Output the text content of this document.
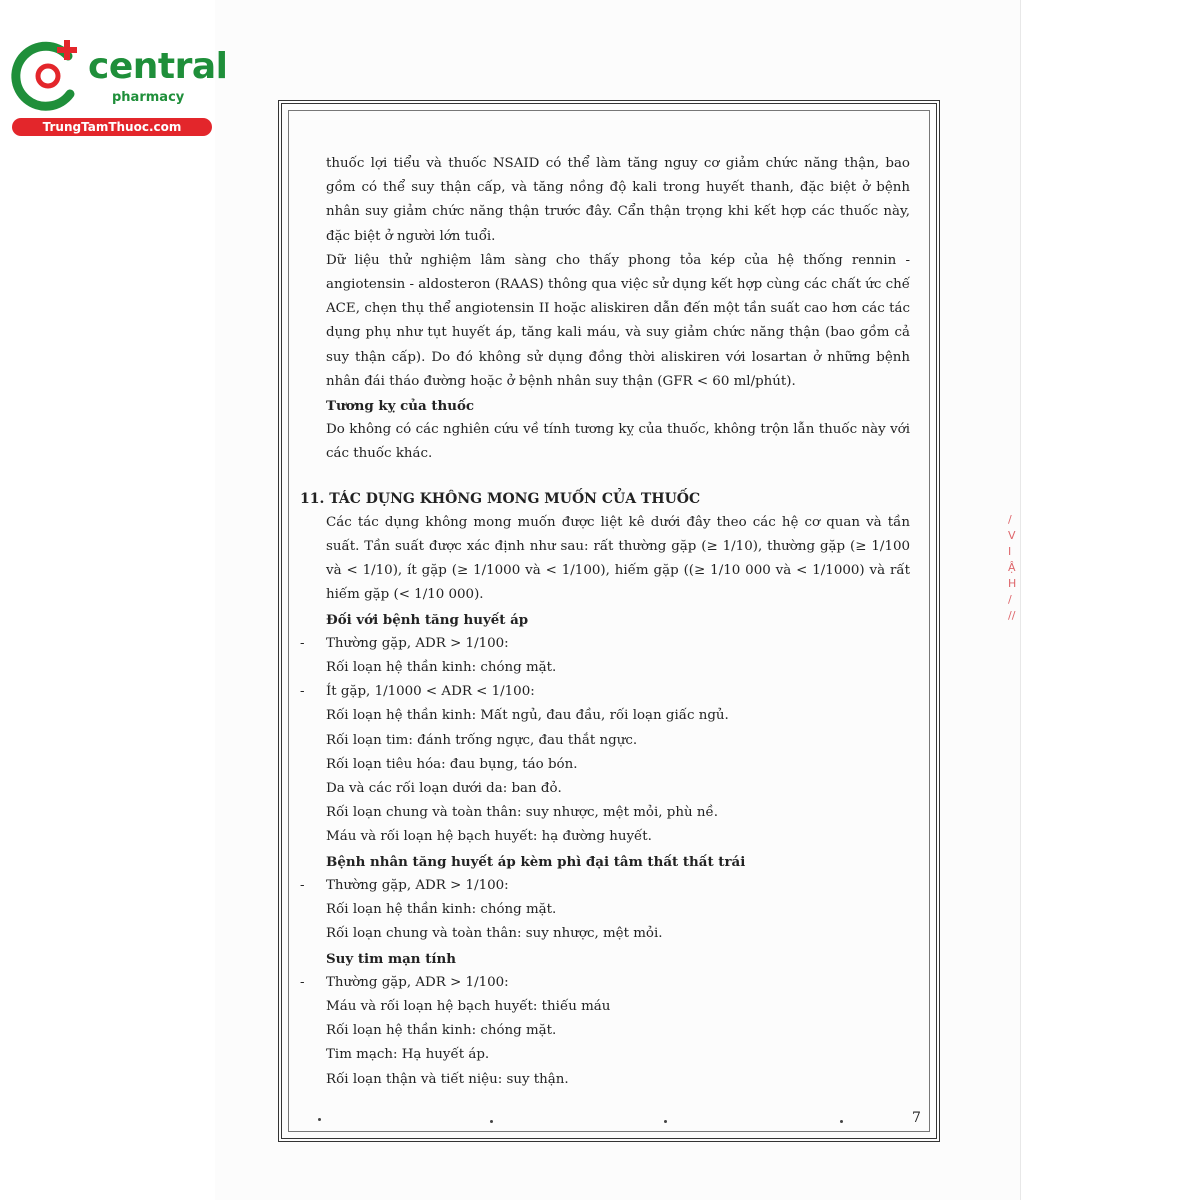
central
pharmacy
TrungTamThuoc.com

thuốc lợi tiểu và thuốc NSAID có thể làm tăng nguy cơ giảm chức năng thận, bao gồm có thể suy thận cấp, và tăng nồng độ kali trong huyết thanh, đặc biệt ở bệnh nhân suy giảm chức năng thận trước đây. Cẩn thận trọng khi kết hợp các thuốc này, đặc biệt ở người lớn tuổi.

Dữ liệu thử nghiệm lâm sàng cho thấy phong tỏa kép của hệ thống rennin - angiotensin - aldosteron (RAAS) thông qua việc sử dụng kết hợp cùng các chất ức chế ACE, chẹn thụ thể angiotensin II hoặc aliskiren dẫn đến một tần suất cao hơn các tác dụng phụ như tụt huyết áp, tăng kali máu, và suy giảm chức năng thận (bao gồm cả suy thận cấp). Do đó không sử dụng đồng thời aliskiren với losartan ở những bệnh nhân đái tháo đường hoặc ở bệnh nhân suy thận (GFR < 60 ml/phút).

Tương kỵ của thuốc

Do không có các nghiên cứu về tính tương kỵ của thuốc, không trộn lẫn thuốc này với các thuốc khác.

11. TÁC DỤNG KHÔNG MONG MUỐN CỦA THUỐC

Các tác dụng không mong muốn được liệt kê dưới đây theo các hệ cơ quan và tần suất. Tần suất được xác định như sau: rất thường gặp (≥ 1/10), thường gặp (≥ 1/100 và < 1/10), ít gặp (≥ 1/1000 và < 1/100), hiếm gặp ((≥ 1/10 000 và < 1/1000) và rất hiếm gặp (< 1/10 000).

Đối với bệnh tăng huyết áp

- Thường gặp, ADR > 1/100:

Rối loạn hệ thần kinh: chóng mặt.

- Ít gặp, 1/1000 < ADR < 1/100:

Rối loạn hệ thần kinh: Mất ngủ, đau đầu, rối loạn giấc ngủ.

Rối loạn tim: đánh trống ngực, đau thắt ngực.

Rối loạn tiêu hóa: đau bụng, táo bón.

Da và các rối loạn dưới da: ban đỏ.

Rối loạn chung và toàn thân: suy nhược, mệt mỏi, phù nề.

Máu và rối loạn hệ bạch huyết: hạ đường huyết.

Bệnh nhân tăng huyết áp kèm phì đại tâm thất thất trái

- Thường gặp, ADR > 1/100:

Rối loạn hệ thần kinh: chóng mặt.

Rối loạn chung và toàn thân: suy nhược, mệt mỏi.

Suy tim mạn tính

- Thường gặp, ADR > 1/100:

Máu và rối loạn hệ bạch huyết: thiếu máu

Rối loạn hệ thần kinh: chóng mặt.

Tim mạch: Hạ huyết áp.

Rối loạn thận và tiết niệu: suy thận.

7
/
V
I
Ậ
H
/
//
